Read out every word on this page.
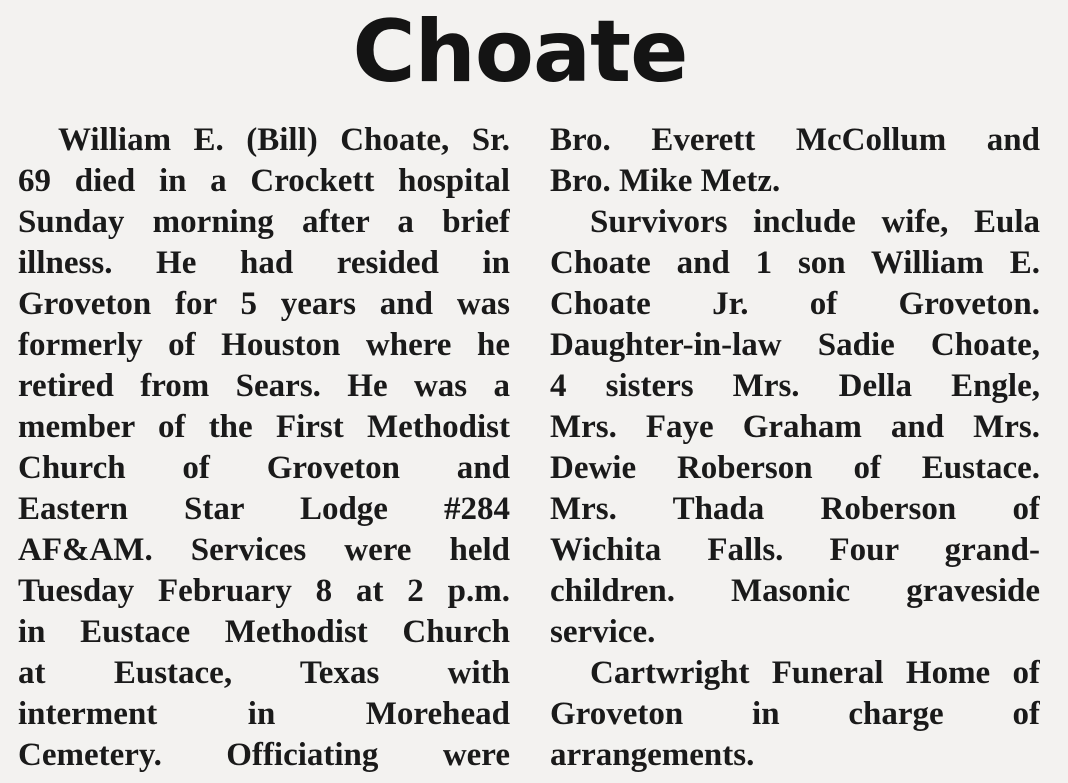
Choate
William E. (Bill) Choate, Sr.
69 died in a Crockett hospital
Sunday morning after a brief
illness. He had resided in
Groveton for 5 years and was
formerly of Houston where he
retired from Sears. He was a
member of the First Methodist
Church of Groveton and
Eastern Star Lodge #284
AF&AM. Services were held
Tuesday February 8 at 2 p.m.
in Eustace Methodist Church
at Eustace, Texas with
interment in Morehead
Cemetery. Officiating were
Bro. Everett McCollum and
Bro. Mike Metz.
Survivors include wife, Eula
Choate and 1 son William E.
Choate Jr. of Groveton.
Daughter-in-law Sadie Choate,
4 sisters Mrs. Della Engle,
Mrs. Faye Graham and Mrs.
Dewie Roberson of Eustace.
Mrs. Thada Roberson of
Wichita Falls. Four grand-
children. Masonic graveside
service.
Cartwright Funeral Home of
Groveton in charge of
arrangements.
